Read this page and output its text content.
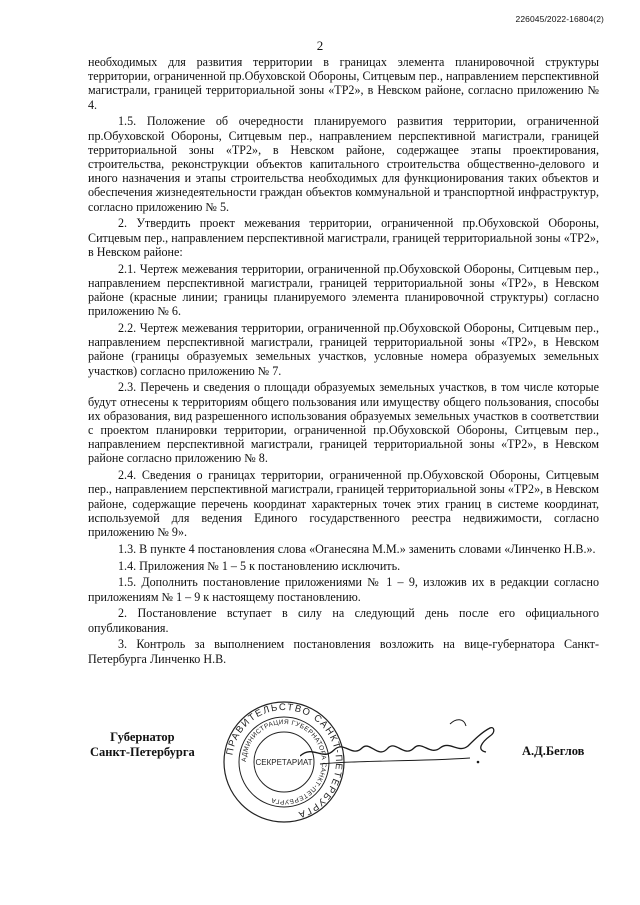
226045/2022-16804(2)
2

необходимых для развития территории в границах элемента планировочной структуры территории, ограниченной пр.Обуховской Обороны, Ситцевым пер., направлением перспективной магистрали, границей территориальной зоны «ТР2», в Невском районе, согласно приложению № 4.

1.5. Положение об очередности планируемого развития территории, ограниченной пр.Обуховской Обороны, Ситцевым пер., направлением перспективной магистрали, границей территориальной зоны «ТР2», в Невском районе, содержащее этапы проектирования, строительства, реконструкции объектов капитального строительства общественно-делового и иного назначения и этапы строительства необходимых для функционирования таких объектов и обеспечения жизнедеятельности граждан объектов коммунальной и транспортной инфраструктур, согласно приложению № 5.

2. Утвердить проект межевания территории, ограниченной пр.Обуховской Обороны, Ситцевым пер., направлением перспективной магистрали, границей территориальной зоны «ТР2», в Невском районе:

2.1. Чертеж межевания территории, ограниченной пр.Обуховской Обороны, Ситцевым пер., направлением перспективной магистрали, границей территориальной зоны «ТР2», в Невском районе (красные линии; границы планируемого элемента планировочной структуры) согласно приложению № 6.

2.2. Чертеж межевания территории, ограниченной пр.Обуховской Обороны, Ситцевым пер., направлением перспективной магистрали, границей территориальной зоны «ТР2», в Невском районе (границы образуемых земельных участков, условные номера образуемых земельных участков) согласно приложению № 7.

2.3. Перечень и сведения о площади образуемых земельных участков, в том числе которые будут отнесены к территориям общего пользования или имуществу общего пользования, способы их образования, вид разрешенного использования образуемых земельных участков в соответствии с проектом планировки территории, ограниченной пр.Обуховской Обороны, Ситцевым пер., направлением перспективной магистрали, границей территориальной зоны «ТР2», в Невском районе согласно приложению № 8.

2.4. Сведения о границах территории, ограниченной пр.Обуховской Обороны, Ситцевым пер., направлением перспективной магистрали, границей территориальной зоны «ТР2», в Невском районе, содержащие перечень координат характерных точек этих границ в системе координат, используемой для ведения Единого государственного реестра недвижимости, согласно приложению № 9».

1.3. В пункте 4 постановления слова «Оганесяна М.М.» заменить словами «Линченко Н.В.».

1.4. Приложения № 1 – 5 к постановлению исключить.

1.5. Дополнить постановление приложениями № 1 – 9, изложив их в редакции согласно приложениям № 1 – 9 к настоящему постановлению.

2. Постановление вступает в силу на следующий день после его официального опубликования.

3. Контроль за выполнением постановления возложить на вице-губернатора Санкт-Петербурга Линченко Н.В.

Губернатор
Санкт-Петербурга	ПРАВИТЕЛЬСТВО САНКТ-ПЕТЕРБУРГА
АДМИНИСТРАЦИЯ ГУБЕРНАТОРА САНКТ-ПЕТЕРБУРГА
СЕКРЕТАРИАТ
А.Д.Беглов
